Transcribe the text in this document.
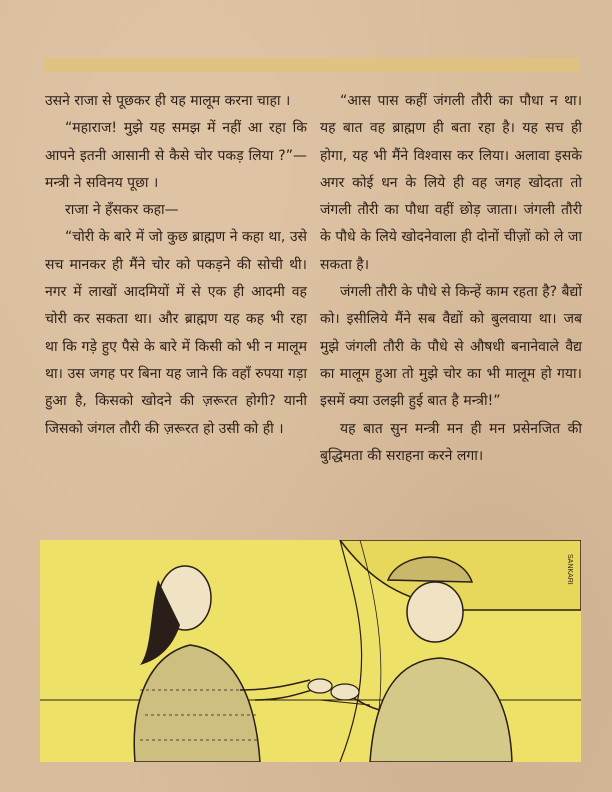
उसने राजा से पूछकर ही यह मालूम करना चाहा ।

“महाराज! मुझे यह समझ में नहीं आ रहा कि आपने इतनी आसानी से कैसे चोर पकड़ लिया ?”—मन्त्री ने सविनय पूछा ।

राजा ने हँसकर कहा—

“चोरी के बारे में जो कुछ ब्राह्मण ने कहा था, उसे सच मानकर ही मैंने चोर को पकड़ने की सोची थी। नगर में लाखों आदमियों में से एक ही आदमी वह चोरी कर सकता था। और ब्राह्मण यह कह भी रहा था कि गड़े हुए पैसे के बारे में किसी को भी न मालूम था। उस जगह पर बिना यह जाने कि वहाँ रुपया गड़ा हुआ है, किसको खोदने की ज़रूरत होगी? यानी जिसको जंगल तौरी की ज़रूरत हो उसी को ही ।

“आस पास कहीं जंगली तौरी का पौधा न था। यह बात वह ब्राह्मण ही बता रहा है। यह सच ही होगा, यह भी मैंने विश्वास कर लिया। अलावा इसके अगर कोई धन के लिये ही वह जगह खोदता तो जंगली तौरी का पौधा वहीं छोड़ जाता। जंगली तौरी के पौधे के लिये खोदनेवाला ही दोनों चीज़ों को ले जा सकता है।

जंगली तौरी के पौधे से किन्हें काम रहता है? बैद्यों को। इसीलिये मैंने सब वैद्यों को बुलवाया था। जब मुझे जंगली तौरी के पौधे से औषधी बनानेवाले वैद्य का मालूम हुआ तो मुझे चोर का भी मालूम हो गया। इसमें क्या उलझी हुई बात है मन्त्री!”

यह बात सुन मन्त्री मन ही मन प्रसेनजित की बुद्धिमता की सराहना करने लगा।

SANKARI
